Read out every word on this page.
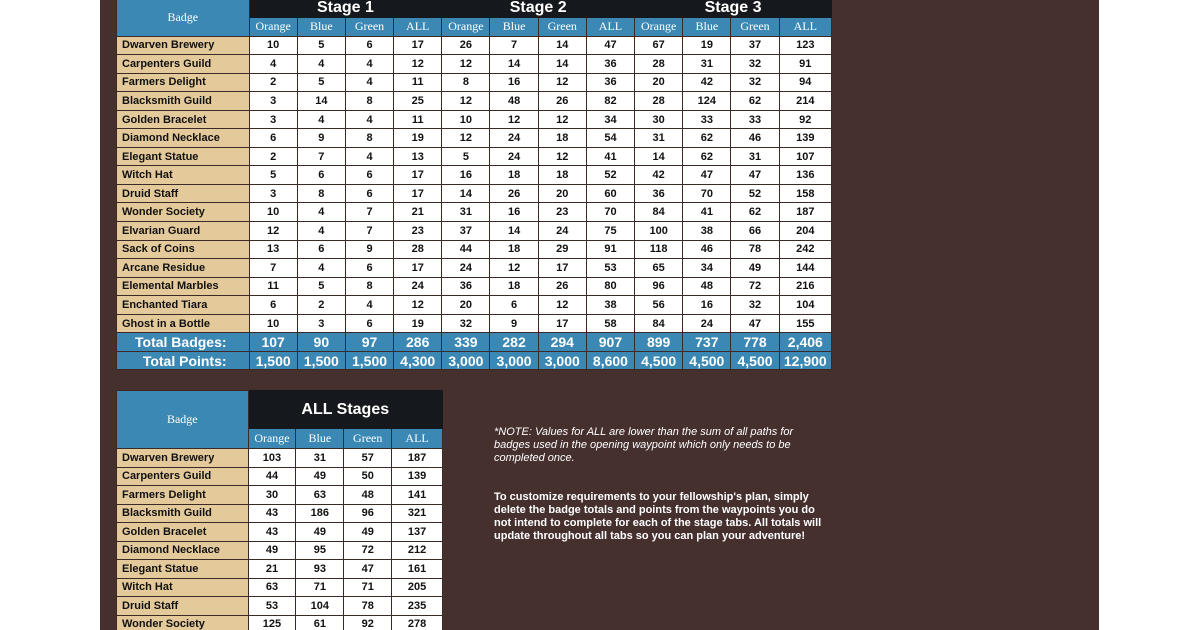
Badge	Stage 1				Stage 2				Stage 3			
	Orange	Blue	Green	ALL	Orange	Blue	Green	ALL	Orange	Blue	Green	ALL
Dwarven Brewery	10	5	6	17	26	7	14	47	67	19	37	123
Carpenters Guild	4	4	4	12	12	14	14	36	28	31	32	91
Farmers Delight	2	5	4	11	8	16	12	36	20	42	32	94
Blacksmith Guild	3	14	8	25	12	48	26	82	28	124	62	214
Golden Bracelet	3	4	4	11	10	12	12	34	30	33	33	92
Diamond Necklace	6	9	8	19	12	24	18	54	31	62	46	139
Elegant Statue	2	7	4	13	5	24	12	41	14	62	31	107
Witch Hat	5	6	6	17	16	18	18	52	42	47	47	136
Druid Staff	3	8	6	17	14	26	20	60	36	70	52	158
Wonder Society	10	4	7	21	31	16	23	70	84	41	62	187
Elvarian Guard	12	4	7	23	37	14	24	75	100	38	66	204
Sack of Coins	13	6	9	28	44	18	29	91	118	46	78	242
Arcane Residue	7	4	6	17	24	12	17	53	65	34	49	144
Elemental Marbles	11	5	8	24	36	18	26	80	96	48	72	216
Enchanted Tiara	6	2	4	12	20	6	12	38	56	16	32	104
Ghost in a Bottle	10	3	6	19	32	9	17	58	84	24	47	155
Total Badges:	107	90	97	286	339	282	294	907	899	737	778	2,406
Total Points:	1,500	1,500	1,500	4,300	3,000	3,000	3,000	8,600	4,500	4,500	4,500	12,900
Badge	ALL Stages			
	Orange	Blue	Green	ALL
Dwarven Brewery	103	31	57	187
Carpenters Guild	44	49	50	139
Farmers Delight	30	63	48	141
Blacksmith Guild	43	186	96	321
Golden Bracelet	43	49	49	137
Diamond Necklace	49	95	72	212
Elegant Statue	21	93	47	161
Witch Hat	63	71	71	205
Druid Staff	53	104	78	235
Wonder Society	125	61	92	278
*NOTE: Values for ALL are lower than the sum of all paths for badges used in the opening waypoint which only needs to be completed once.
To customize requirements to your fellowship's plan, simply delete the badge totals and points from the waypoints you do not intend to complete for each of the stage tabs. All totals will update throughout all tabs so you can plan your adventure!
